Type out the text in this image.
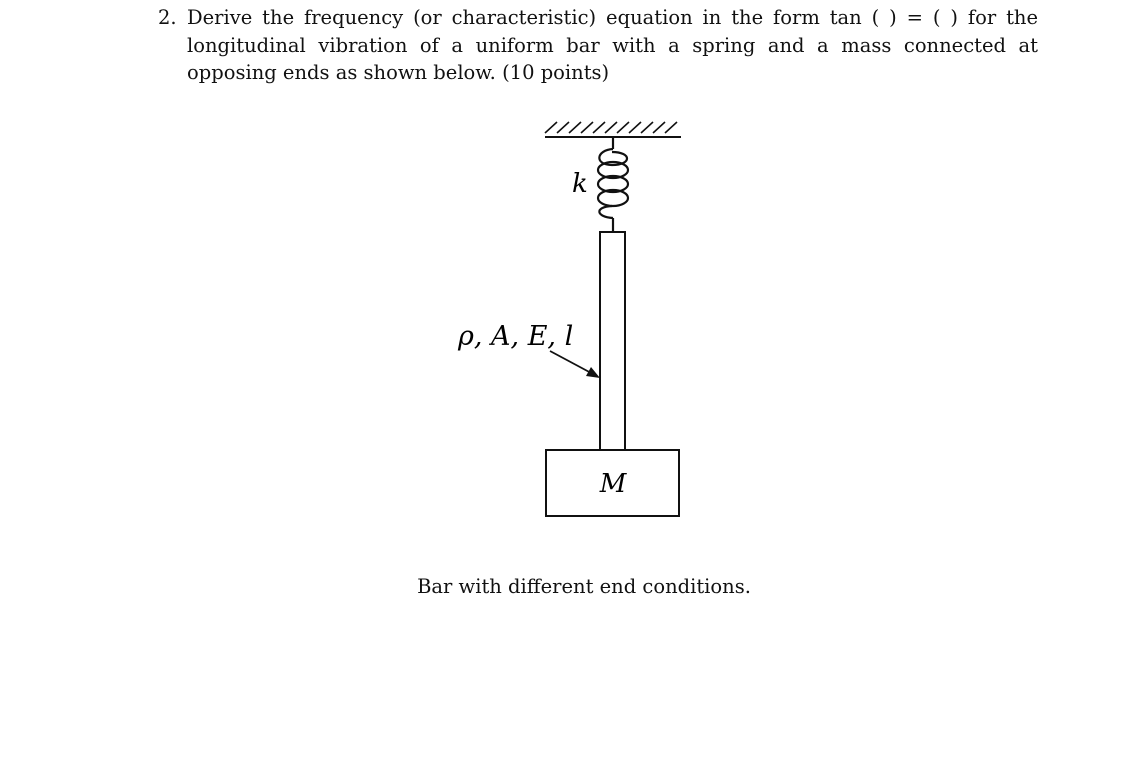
2. Derive the frequency (or characteristic) equation in the form tan ( ) = ( ) for the longitudinal vibration of a uniform bar with a spring and a mass connected at opposing ends as shown below. (10 points)
k
ρ, A, E, l
M
Bar with different end conditions.
